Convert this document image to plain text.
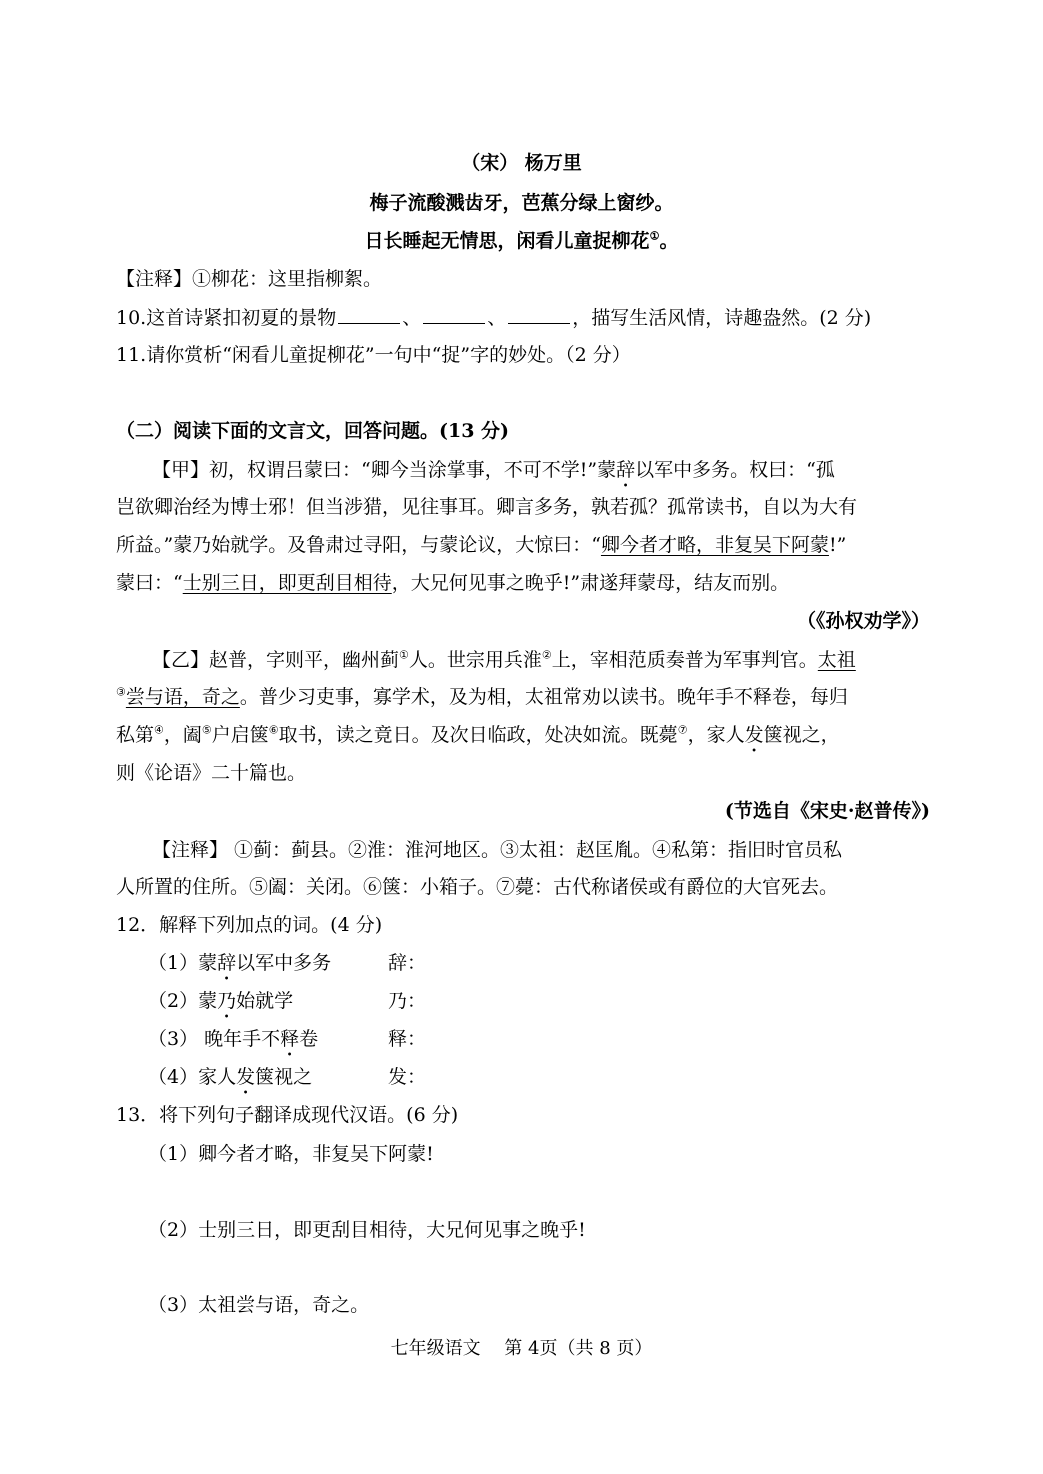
（宋） 杨万里
梅子流酸溅齿牙，芭蕉分绿上窗纱。
日长睡起无情思，闲看儿童捉柳花①。
【注释】①柳花：这里指柳絮。
10.这首诗紧扣初夏的景物	、	、	，描写生活风情，诗趣盎然。(2 分)
11.请你赏析“闲看儿童捉柳花”一句中“捉”字的妙处。（2 分）
（二）阅读下面的文言文，回答问题。(13 分)
【甲】初，权谓吕蒙曰：“卿今当涂掌事，不可不学!”蒙辞以军中多务。权曰：“孤
岂欲卿治经为博士邪！但当涉猎，见往事耳。卿言多务，孰若孤？孤常读书，自以为大有
所益。”蒙乃始就学。及鲁肃过寻阳，与蒙论议，大惊曰：“卿今者才略，非复吴下阿蒙!”
蒙曰：“士别三日，即更刮目相待，大兄何见事之晚乎!”肃遂拜蒙母，结友而别。
（《孙权劝学》）
【乙】赵普，字则平，幽州蓟①人。世宗用兵淮②上，宰相范质奏普为军事判官。太祖
③尝与语，奇之。普少习吏事，寡学术，及为相，太祖常劝以读书。晚年手不释卷，每归
私第④，阖⑤户启箧⑥取书，读之竟日。及次日临政，处决如流。既薨⑦，家人发箧视之，
则《论语》二十篇也。
(节选自《宋史·赵普传》)
【注释】 ①蓟：蓟县。②淮：淮河地区。③太祖：赵匡胤。④私第：指旧时官员私
人所置的住所。⑤阖：关闭。⑥箧：小箱子。⑦薨：古代称诸侯或有爵位的大官死去。
12．解释下列加点的词。(4 分)
（1）蒙辞以军中多务	辞：
（2）蒙乃始就学	乃：
（3） 晚年手不释卷	释：
（4）家人发箧视之	发：
13．将下列句子翻译成现代汉语。(6 分)
（1）卿今者才略，非复吴下阿蒙!
（2）士别三日，即更刮目相待，大兄何见事之晚乎!
（3）太祖尝与语，奇之。
七年级语文　 第 4页（共 8 页）
